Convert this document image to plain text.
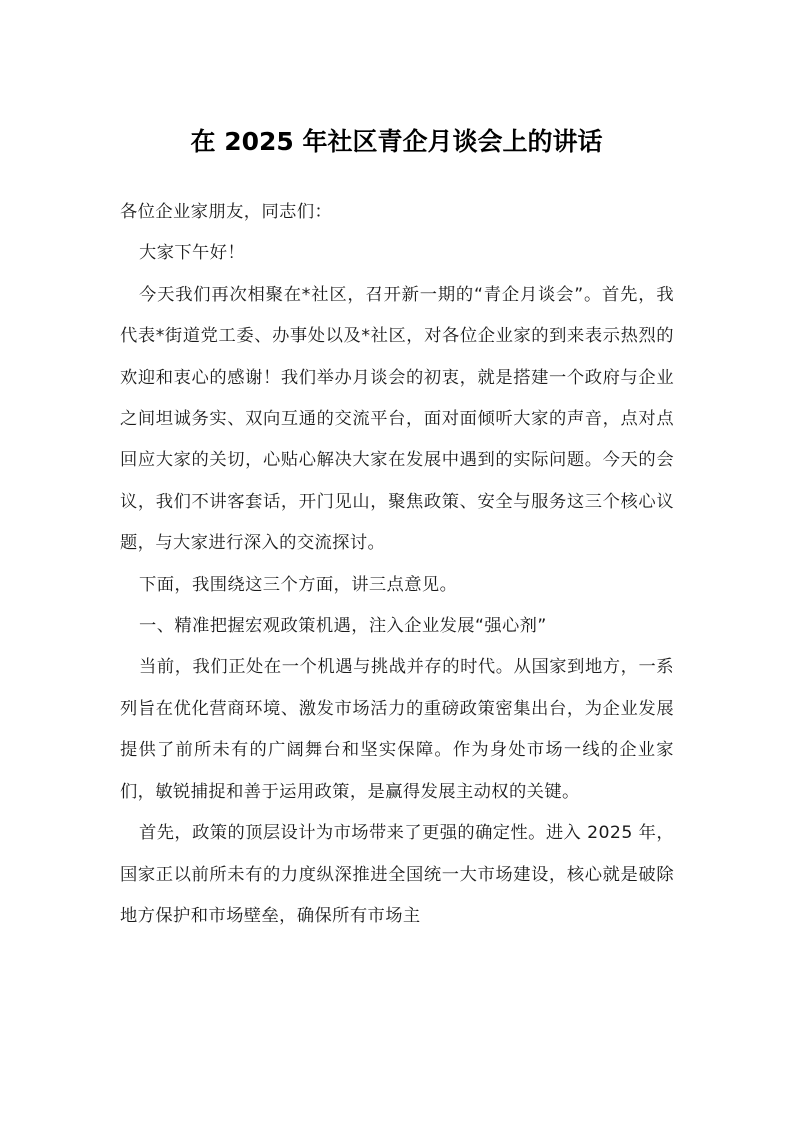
在 2025 年社区青企月谈会上的讲话

各位企业家朋友，同志们：

大家下午好！

今天我们再次相聚在*社区，召开新一期的“青企月谈会”。首先，我代表*街道党工委、办事处以及*社区，对各位企业家的到来表示热烈的欢迎和衷心的感谢！我们举办月谈会的初衷，就是搭建一个政府与企业之间坦诚务实、双向互通的交流平台，面对面倾听大家的声音，点对点回应大家的关切，心贴心解决大家在发展中遇到的实际问题。今天的会议，我们不讲客套话，开门见山，聚焦政策、安全与服务这三个核心议题，与大家进行深入的交流探讨。

下面，我围绕这三个方面，讲三点意见。

一、精准把握宏观政策机遇，注入企业发展“强心剂”

当前，我们正处在一个机遇与挑战并存的时代。从国家到地方，一系列旨在优化营商环境、激发市场活力的重磅政策密集出台，为企业发展提供了前所未有的广阔舞台和坚实保障。作为身处市场一线的企业家们，敏锐捕捉和善于运用政策，是赢得发展主动权的关键。

首先，政策的顶层设计为市场带来了更强的确定性。进入 2025 年，国家正以前所未有的力度纵深推进全国统一大市场建设，核心就是破除地方保护和市场壁垒，确保所有市场主
